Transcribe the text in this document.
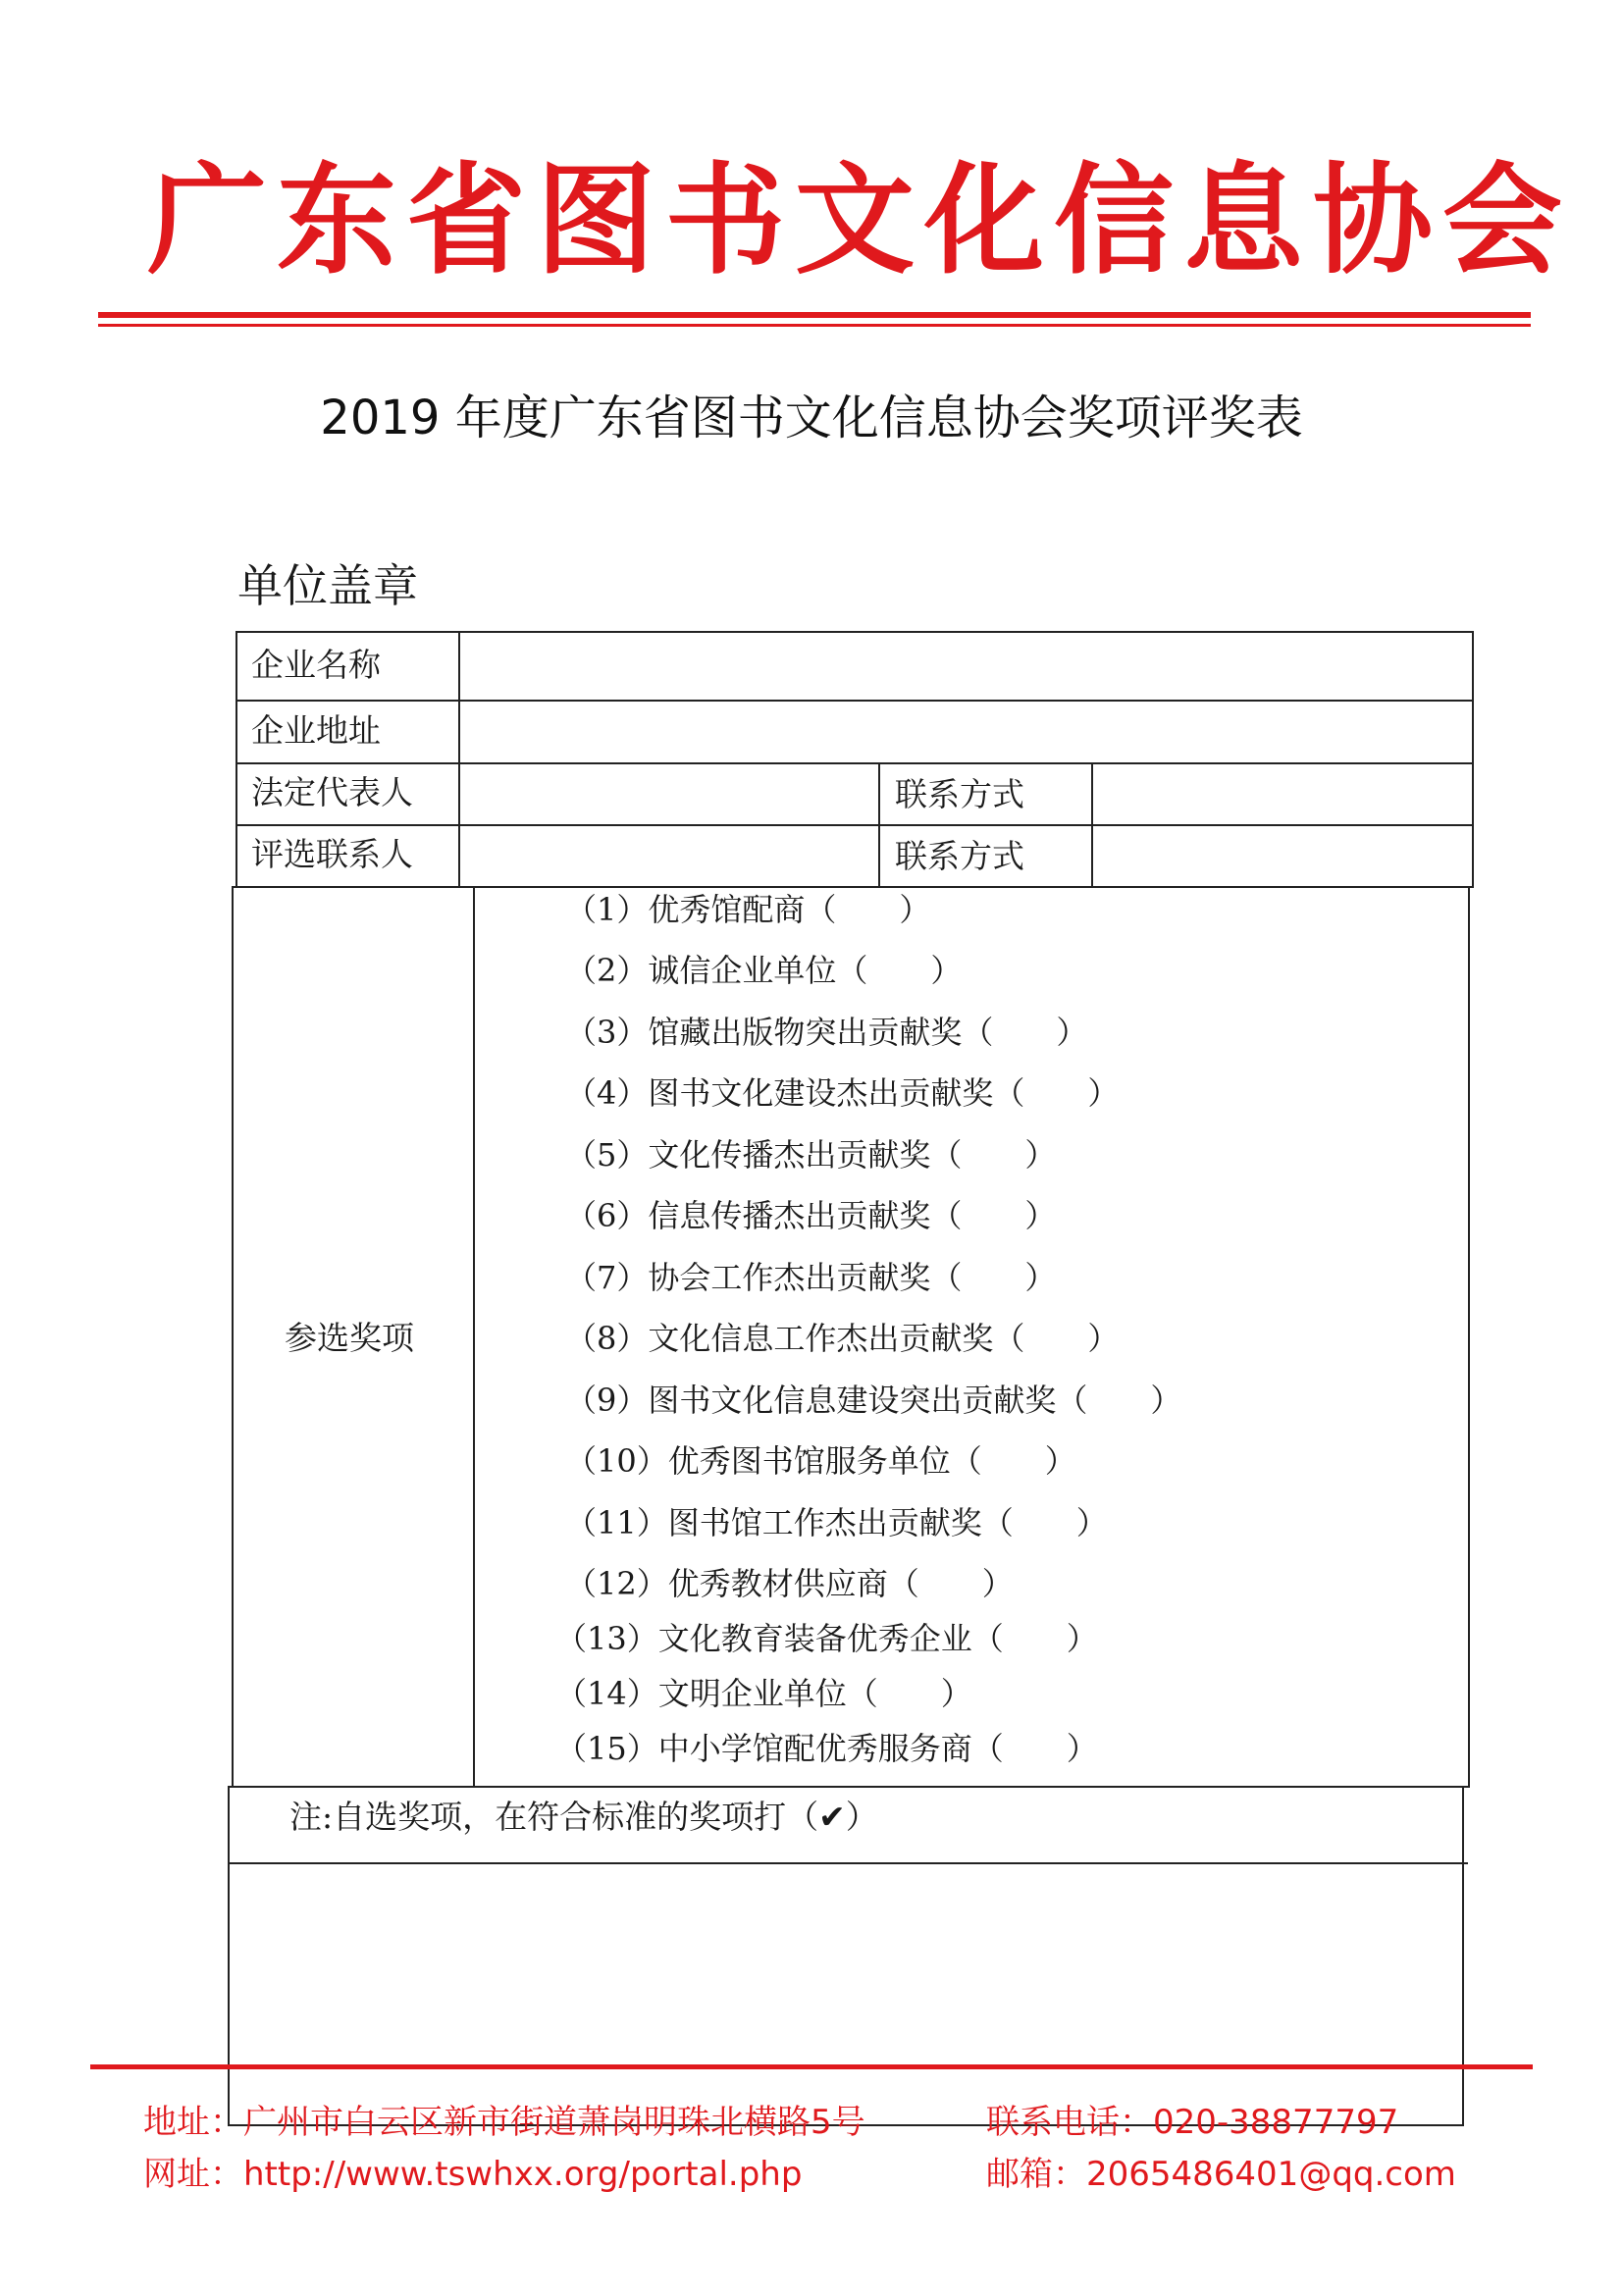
广东省图书文化信息协会
2019 年度广东省图书文化信息协会奖项评奖表
单位盖章
企业名称
企业地址
法定代表人	联系方式
评选联系人	联系方式
参选奖项
（1）优秀馆配商（　　）
（2）诚信企业单位（　　）
（3）馆藏出版物突出贡献奖（　　）
（4）图书文化建设杰出贡献奖（　　）
（5）文化传播杰出贡献奖（　　）
（6）信息传播杰出贡献奖（　　）
（7）协会工作杰出贡献奖（　　）
（8）文化信息工作杰出贡献奖（　　）
（9）图书文化信息建设突出贡献奖（　　）
（10）优秀图书馆服务单位（　　）
（11）图书馆工作杰出贡献奖（　　）
（12）优秀教材供应商（　　）
（13）文化教育装备优秀企业（　　）
（14）文明企业单位（　　）
（15）中小学馆配优秀服务商（　　）
注:自选奖项，在符合标准的奖项打（✔）
地址：广州市白云区新市街道萧岗明珠北横路5号	联系电话：020-38877797
网址：http://www.tswhxx.org/portal.php	邮箱：2065486401@qq.com
